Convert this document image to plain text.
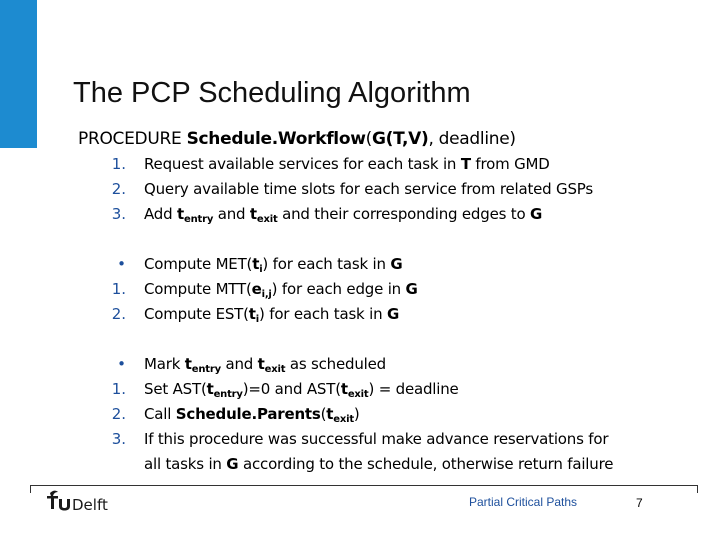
The PCP Scheduling Algorithm
PROCEDURE Schedule.Workflow(G(T,V), deadline)
1. Request available services for each task in T from GMD
2. Query available time slots for each service from related GSPs
3. Add $t_{entry}$ and $t_{exit}$ and their corresponding edges to G
• Compute $MET(t_i)$ for each task in G
1. Compute $MTT(e_{i,j})$ for each edge in G
2. Compute $EST(t_i)$ for each task in G
• Mark $t_{entry}$ and $t_{exit}$ as scheduled
1. Set $AST(t_{entry})=0$ and $AST(t_{exit})$ = deadline
2. Call $Schedule.Parents(t_{exit})$
3. If this procedure was successful make advance reservations for
all tasks in G according to the schedule, otherwise return failure
Delft	Partial Critical Paths	7
